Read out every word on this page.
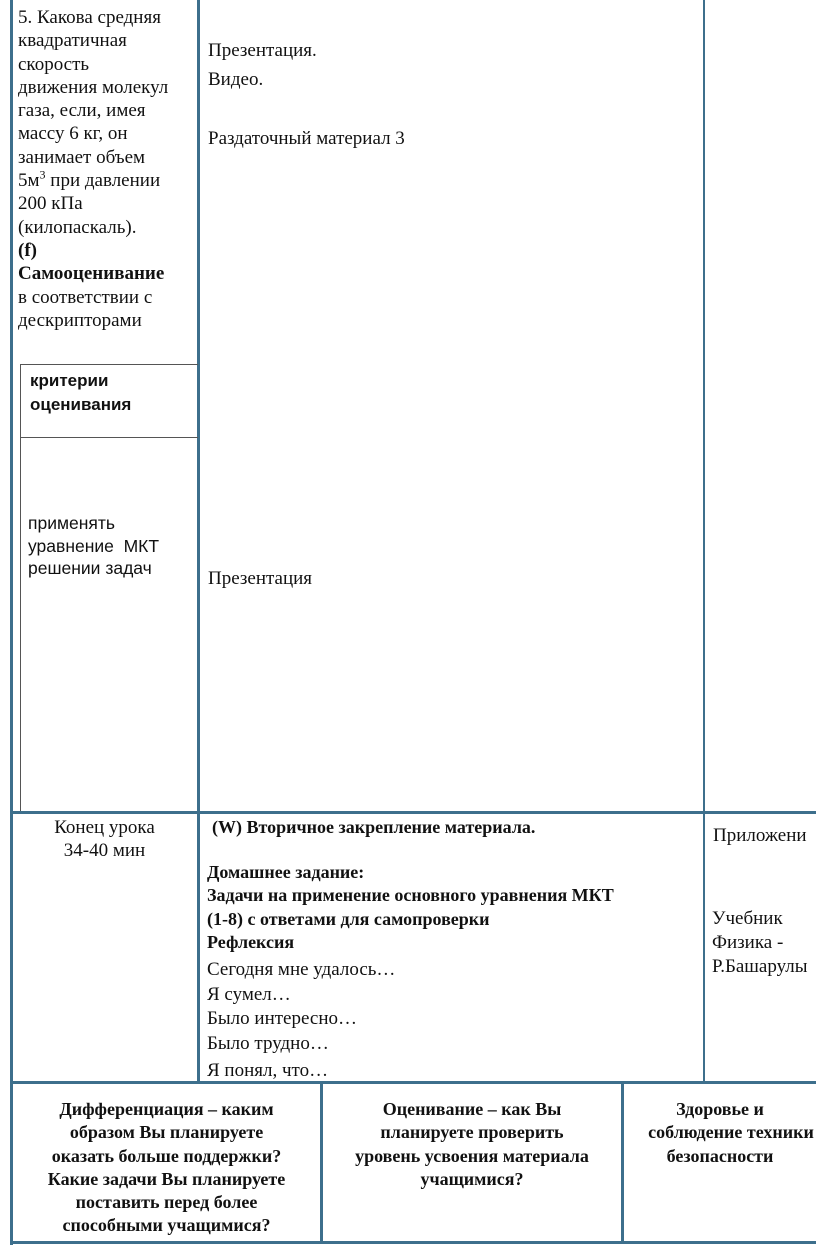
5. Какова средняя
квадратичная
скорость
движения молекул
газа, если, имея
массу 6 кг, он
занимает объем
$5м^3$ при давлении
200 кПа
(килопаскаль).
(f)
Самооценивание
в соответствии с
дескрипторами
критерии
оценивания
применять
уравнение  МКТ
решении задач
Презентация.
Видео.
Раздаточный материал 3
Презентация
Конец урока
34-40 мин
(W) Вторичное закрепление материала.
Домашнее задание:
Задачи на применение основного уравнения МКТ
(1-8) с ответами для самопроверки
Рефлексия
Сегодня мне удалось…
Я сумел…
Было интересно…
Было трудно…
Я понял, что…
Приложени
Учебник
Физика -
Р.Башарулы
Дифференциация – каким
образом Вы планируете
оказать больше поддержки?
Какие задачи Вы планируете
поставить перед более
способными учащимися?
Оценивание – как Вы
планируете проверить
уровень усвоения материала
учащимися?
Здоровье и
соблюдение техники
безопасности
